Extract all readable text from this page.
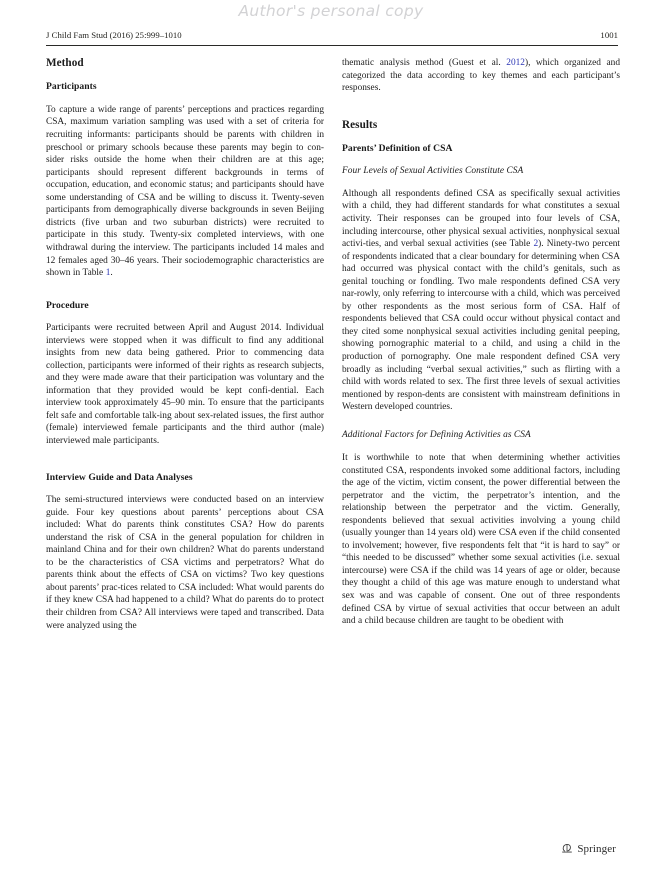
Author's personal copy
J Child Fam Stud (2016) 25:999–1010	1001
Method
Participants

To capture a wide range of parents’ perceptions and practices regarding CSA, maximum variation sampling was used with a set of criteria for recruiting informants: participants should be parents with children in preschool or primary schools because these parents may begin to con-sider risks outside the home when their children are at this age; participants should represent different backgrounds in terms of occupation, education, and economic status; and participants should have some understanding of CSA and be willing to discuss it. Twenty-seven participants from demographically diverse backgrounds in seven Beijing districts (five urban and two suburban districts) were recruited to participate in this study. Twenty-six completed interviews, with one withdrawal during the interview. The participants included 14 males and 12 females aged 30–46 years. Their sociodemographic characteristics are shown in Table 1.

Procedure

Participants were recruited between April and August 2014. Individual interviews were stopped when it was difficult to find any additional insights from new data being gathered. Prior to commencing data collection, participants were informed of their rights as research subjects, and they were made aware that their participation was voluntary and the information that they provided would be kept confi-dential. Each interview took approximately 45–90 min. To ensure that the participants felt safe and comfortable talk-ing about sex-related issues, the first author (female) interviewed female participants and the third author (male) interviewed male participants.

Interview Guide and Data Analyses

The semi-structured interviews were conducted based on an interview guide. Four key questions about parents’ perceptions about CSA included: What do parents think constitutes CSA? How do parents understand the risk of CSA in the general population for children in mainland China and for their own children? What do parents understand to be the characteristics of CSA victims and perpetrators? What do parents think about the effects of CSA on victims? Two key questions about parents’ prac-tices related to CSA included: What would parents do if they knew CSA had happened to a child? What do parents do to protect their children from CSA? All interviews were taped and transcribed. Data were analyzed using the

thematic analysis method (Guest et al. 2012), which organized and categorized the data according to key themes and each participant’s responses.

Results
Parents’ Definition of CSA
Four Levels of Sexual Activities Constitute CSA

Although all respondents defined CSA as specifically sexual activities with a child, they had different standards for what constitutes a sexual activity. Their responses can be grouped into four levels of CSA, including intercourse, other physical sexual activities, nonphysical sexual activi-ties, and verbal sexual activities (see Table 2). Ninety-two percent of respondents indicated that a clear boundary for determining when CSA had occurred was physical contact with the child’s genitals, such as genital touching or fondling. Two male respondents defined CSA very nar-rowly, only referring to intercourse with a child, which was perceived by other respondents as the most serious form of CSA. Half of respondents believed that CSA could occur without physical contact and they cited some nonphysical sexual activities including genital peeping, showing pornographic material to a child, and using a child in the production of pornography. One male respondent defined CSA very broadly as including “verbal sexual activities,” such as flirting with a child with words related to sex. The first three levels of sexual activities mentioned by respon-dents are consistent with mainstream definitions in Western developed countries.

Additional Factors for Defining Activities as CSA

It is worthwhile to note that when determining whether activities constituted CSA, respondents invoked some additional factors, including the age of the victim, victim consent, the power differential between the perpetrator and the victim, the perpetrator’s intention, and the relationship between the perpetrator and the victim. Generally, respondents believed that sexual activities involving a young child (usually younger than 14 years old) were CSA even if the child consented to involvement; however, five respondents felt that “it is hard to say” or “this needed to be discussed” whether some sexual activities (i.e. sexual intercourse) were CSA if the child was 14 years of age or older, because they thought a child of this age was mature enough to understand what sex was and was capable of consent. One out of three respondents defined CSA by virtue of sexual activities that occur between an adult and a child because children are taught to be obedient with

Springer
